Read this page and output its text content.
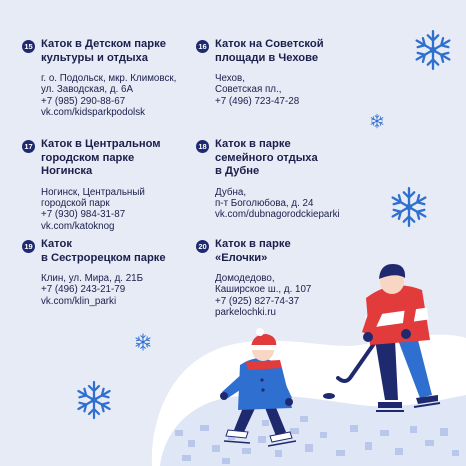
15 Каток в Детском парке
культуры и отдыха
г. о. Подольск, мкр. Климовск,
ул. Заводская, д. 6А
+7 (985) 290-88-67
vk.com/kidsparkpodolsk
16 Каток на Советской
площади в Чехове
Чехов,
Советская пл.,
+7 (496) 723-47-28
17 Каток в Центральном
городском парке
Ногинска
Ногинск, Центральный
городской парк
+7 (930) 984-31-87
vk.com/katoknog
18 Каток в парке
семейного отдыха
в Дубне
Дубна,
п-т Боголюбова, д. 24
vk.com/dubnagorodckieparki
19 Каток
в Сестрорецком парке
Клин, ул. Мира, д. 21Б
+7 (496) 243-21-79
vk.com/klin_parki
20 Каток в парке
«Елочки»
Домодедово,
Каширское ш., д. 107
+7 (925) 827-74-37
parkelochki.ru
